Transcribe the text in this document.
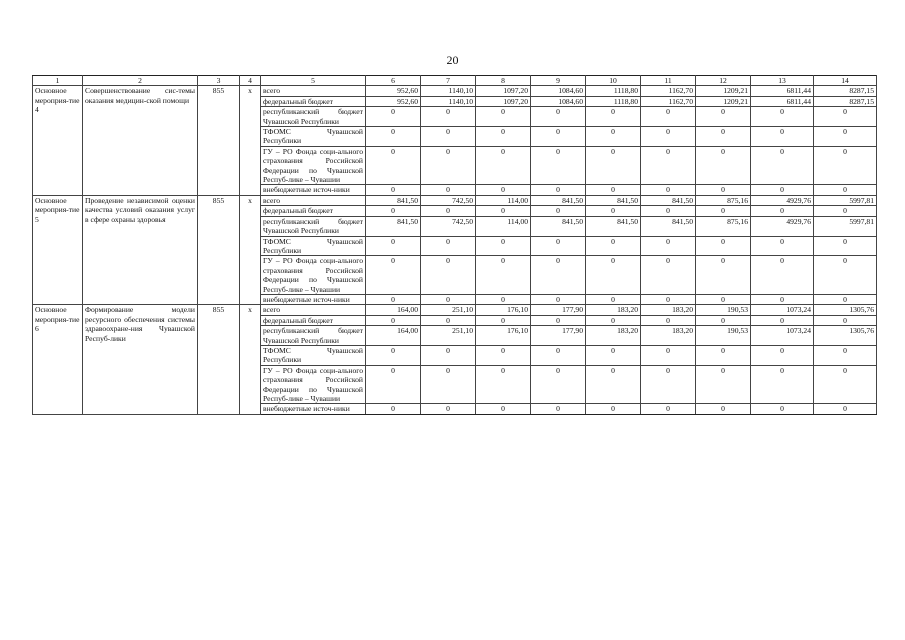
20
1	2	3	4	5	6	7	8	9	10	11	12	13	14
Основное мероприя-тие 4	Совершенствование сис-темы оказания медицин-ской помощи	855	x	всего	952,60	1140,10	1097,20	1084,60	1118,80	1162,70	1209,21	6811,44	8287,15
				федеральный бюджет	952,60	1140,10	1097,20	1084,60	1118,80	1162,70	1209,21	6811,44	8287,15
				республиканский бюджет Чувашской Республики	0	0	0	0	0	0	0	0	0
				ТФОМС Чувашской Республики	0	0	0	0	0	0	0	0	0
				ГУ – РО Фонда соци-ального страхования Российской Федерации по Чувашской Респуб-лике – Чувашии	0	0	0	0	0	0	0	0	0
				внебюджетные источ-ники	0	0	0	0	0	0	0	0	0
Основное мероприя-тие 5	Проведение независимой оценки качества условий оказания услуг в сфере охраны здоровья	855	x	всего	841,50	742,50	114,00	841,50	841,50	841,50	875,16	4929,76	5997,81
				федеральный бюджет	0	0	0	0	0	0	0	0	0
				республиканский бюджет Чувашской Республики	841,50	742,50	114,00	841,50	841,50	841,50	875,16	4929,76	5997,81
				ТФОМС Чувашской Республики	0	0	0	0	0	0	0	0	0
				ГУ – РО Фонда соци-ального страхования Российской Федерации по Чувашской Респуб-лике – Чувашии	0	0	0	0	0	0	0	0	0
				внебюджетные источ-ники	0	0	0	0	0	0	0	0	0
Основное мероприя-тие 6	Формирование модели ресурсного обеспечения системы здравоохране-ния Чувашской Респуб-лики	855	x	всего	164,00	251,10	176,10	177,90	183,20	183,20	190,53	1073,24	1305,76
				федеральный бюджет	0	0	0	0	0	0	0	0	0
				республиканский бюджет Чувашской Республики	164,00	251,10	176,10	177,90	183,20	183,20	190,53	1073,24	1305,76
				ТФОМС Чувашской Республики	0	0	0	0	0	0	0	0	0
				ГУ – РО Фонда соци-ального страхования Российской Федерации по Чувашской Респуб-лике – Чувашии	0	0	0	0	0	0	0	0	0
				внебюджетные источ-ники	0	0	0	0	0	0	0	0	0
